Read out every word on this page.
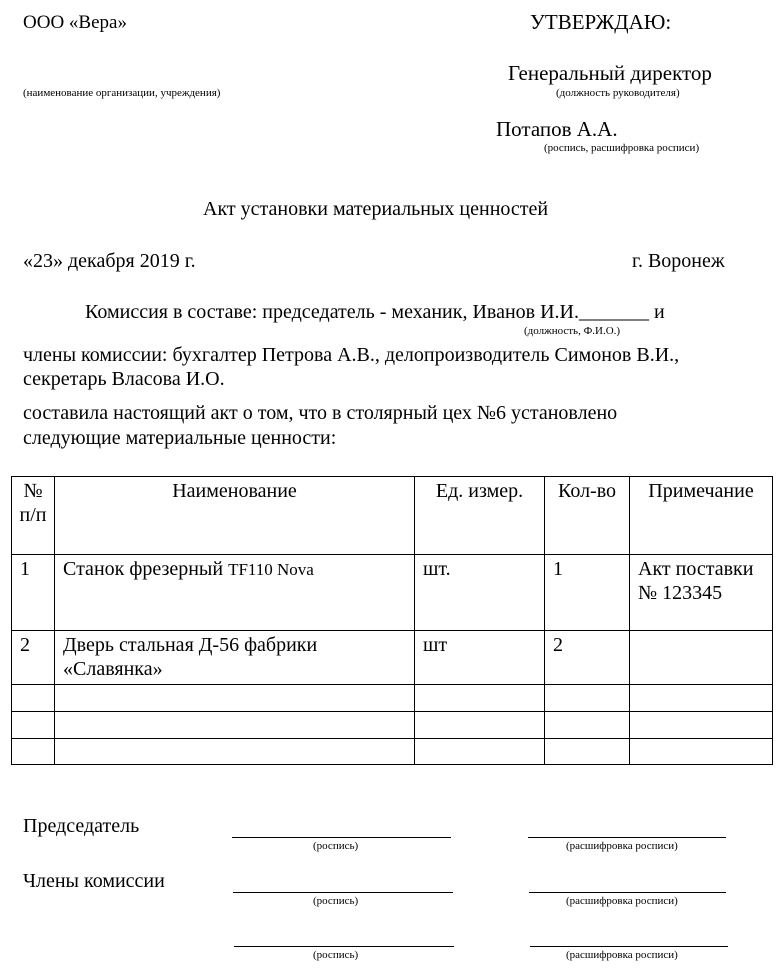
ООО «Вера»
(наименование организации, учреждения)
УТВЕРЖДАЮ:
Генеральный директор
(должность руководителя)
Потапов А.А.
(роспись, расшифровка росписи)
Акт установки материальных ценностей
«23» декабря 2019 г.	г. Воронеж
Комиссия в составе: председатель - механик, Иванов И.И._______ и
(должность, Ф.И.О.)
члены комиссии: бухгалтер Петрова А.В., делопроизводитель Симонов В.И.,
секретарь Власова И.О.
составила настоящий акт о том, что в столярный цех №6 установлено
следующие материальные ценности:
№ п/п	Наименование	Ед. измер.	Кол-во	Примечание
1	Станок фрезерный TF110 Nova	шт.	1	Акт поставки № 123345
2	Дверь стальная Д-56 фабрики «Славянка»	шт	2	

Председатель
(роспись)	(расшифровка росписи)
Члены комиссии
(роспись)	(расшифровка росписи)
(роспись)	(расшифровка росписи)
